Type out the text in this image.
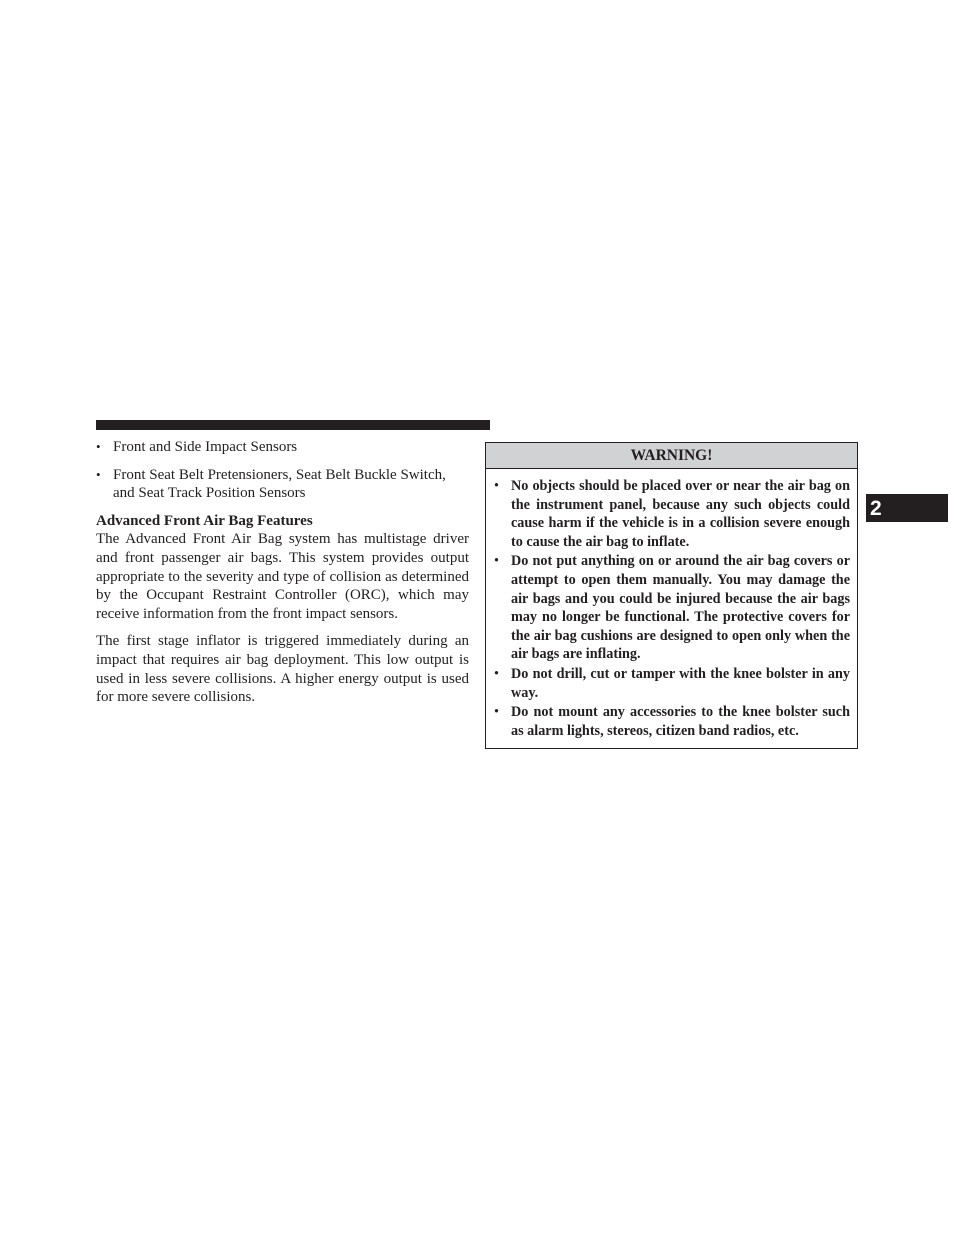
• Front and Side Impact Sensors
• Front Seat Belt Pretensioners, Seat Belt Buckle Switch, and Seat Track Position Sensors
Advanced Front Air Bag Features

The Advanced Front Air Bag system has multistage driver and front passenger air bags. This system provides output appropriate to the severity and type of collision as determined by the Occupant Restraint Controller (ORC), which may receive information from the front impact sensors.

The first stage inflator is triggered immediately during an impact that requires air bag deployment. This low output is used in less severe collisions. A higher energy output is used for more severe collisions.

WARNING!
• No objects should be placed over or near the air bag on the instrument panel, because any such objects could cause harm if the vehicle is in a collision severe enough to cause the air bag to inflate.
• Do not put anything on or around the air bag covers or attempt to open them manually. You may damage the air bags and you could be injured because the air bags may no longer be functional. The protective covers for the air bag cushions are designed to open only when the air bags are inflating.
• Do not drill, cut or tamper with the knee bolster in any way.
• Do not mount any accessories to the knee bolster such as alarm lights, stereos, citizen band radios, etc.
2
